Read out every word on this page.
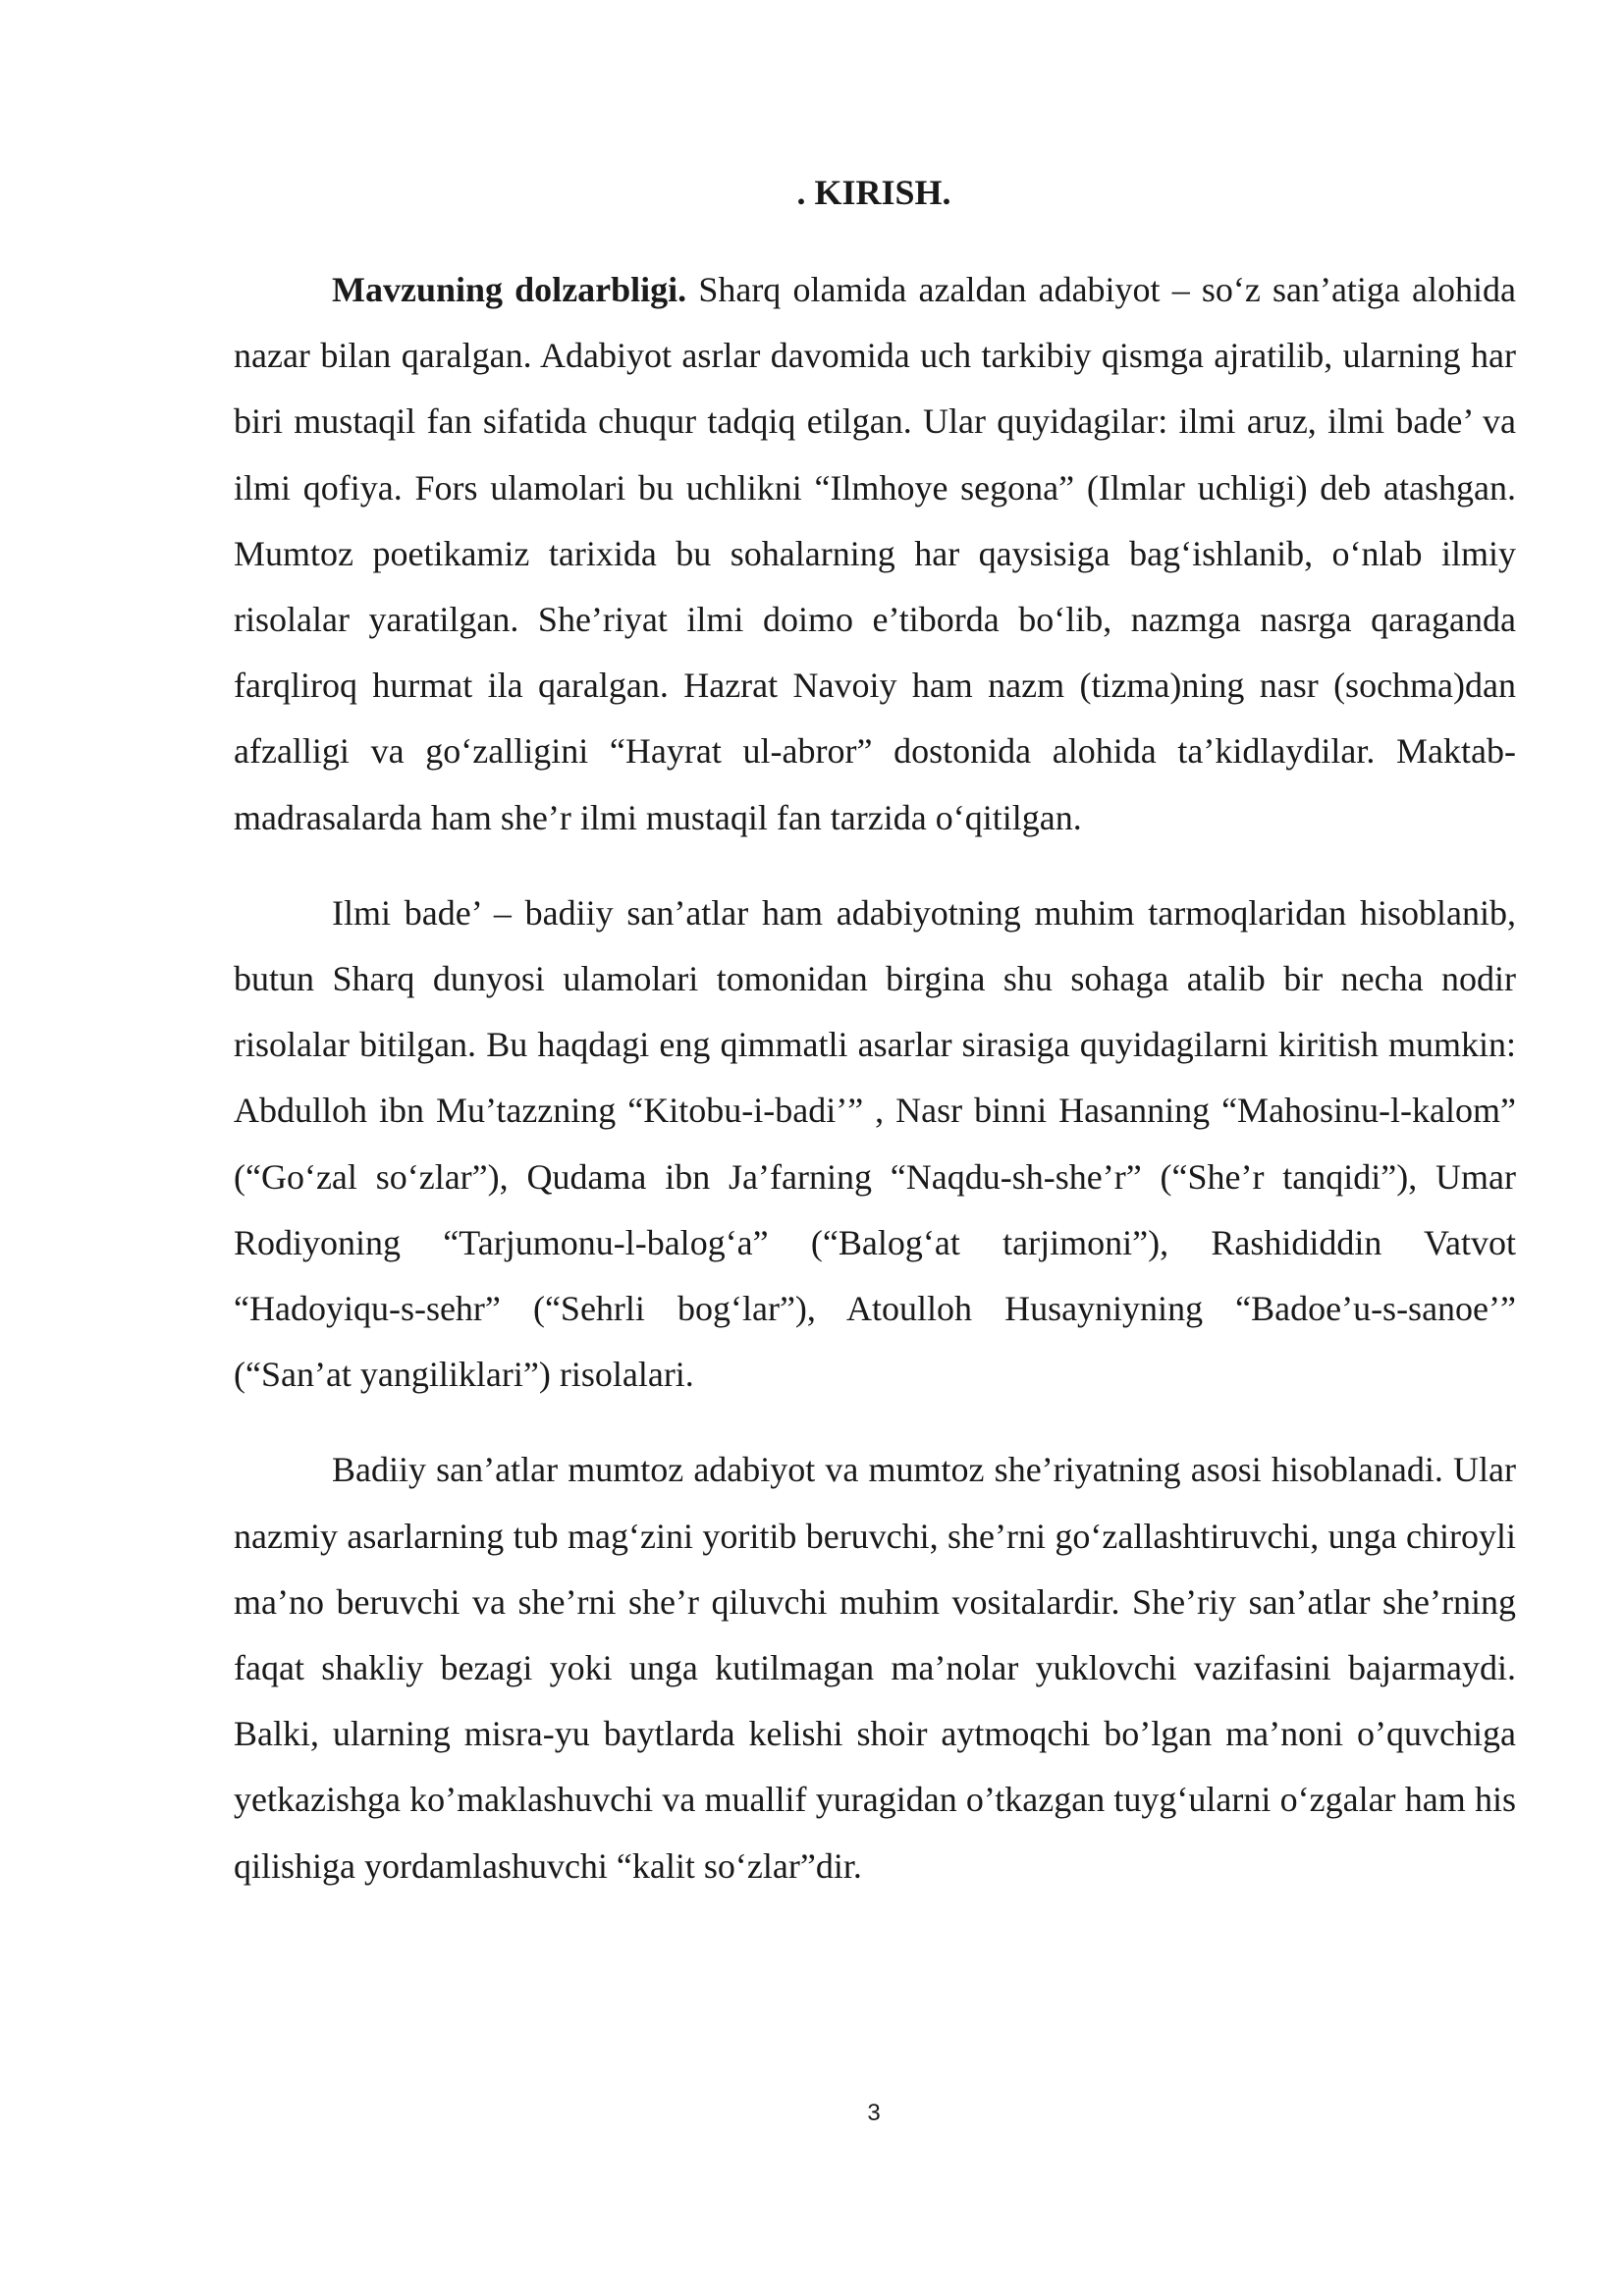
. KIRISH.

Mavzuning dolzarbligi. Sharq olamida azaldan adabiyot – so‘z san’atiga alohida nazar bilan qaralgan. Adabiyot asrlar davomida uch tarkibiy qismga ajratilib, ularning har biri mustaqil fan sifatida chuqur tadqiq etilgan. Ular quyidagilar: ilmi aruz, ilmi bade’ va ilmi qofiya. Fors ulamolari bu uchlikni “Ilmhoye segona” (Ilmlar uchligi) deb atashgan. Mumtoz poetikamiz tarixida bu sohalarning har qaysisiga bag‘ishlanib, o‘nlab ilmiy risolalar yaratilgan. She’riyat ilmi doimo e’tiborda bo‘lib, nazmga nasrga qaraganda farqliroq hurmat ila qaralgan. Hazrat Navoiy ham nazm (tizma)ning nasr (sochma)dan afzalligi va go‘zalligini “Hayrat ul-abror” dostonida alohida ta’kidlaydilar. Maktab-madrasalarda ham she’r ilmi mustaqil fan tarzida o‘qitilgan.

Ilmi bade’ – badiiy san’atlar ham adabiyotning muhim tarmoqlaridan hisoblanib, butun Sharq dunyosi ulamolari tomonidan birgina shu sohaga atalib bir necha nodir risolalar bitilgan. Bu haqdagi eng qimmatli asarlar sirasiga quyidagilarni kiritish mumkin: Abdulloh ibn Mu’tazzning “Kitobu-i-badi’” , Nasr binni Hasanning “Mahosinu-l-kalom” (“Go‘zal so‘zlar”), Qudama ibn Ja’farning “Naqdu-sh-she’r” (“She’r tanqidi”), Umar Rodiyoning “Tarjumonu-l-balog‘a” (“Balog‘at tarjimoni”), Rashididdin Vatvot “Hadoyiqu-s-sehr” (“Sehrli bog‘lar”), Atoulloh Husayniyning “Badoe’u-s-sanoe’” (“San’at yangiliklari”) risolalari.

Badiiy san’atlar mumtoz adabiyot va mumtoz she’riyatning asosi hisoblanadi. Ular nazmiy asarlarning tub mag‘zini yoritib beruvchi, she’rni go‘zallashtiruvchi, unga chiroyli ma’no beruvchi va she’rni she’r qiluvchi muhim vositalardir. She’riy san’atlar she’rning faqat shakliy bezagi yoki unga kutilmagan ma’nolar yuklovchi vazifasini bajarmaydi. Balki, ularning misra-yu baytlarda kelishi shoir aytmoqchi bo’lgan ma’noni o’quvchiga yetkazishga ko’maklashuvchi va muallif yuragidan o’tkazgan tuyg‘ularni o‘zgalar ham his qilishiga yordamlashuvchi “kalit so‘zlar”dir.

3
